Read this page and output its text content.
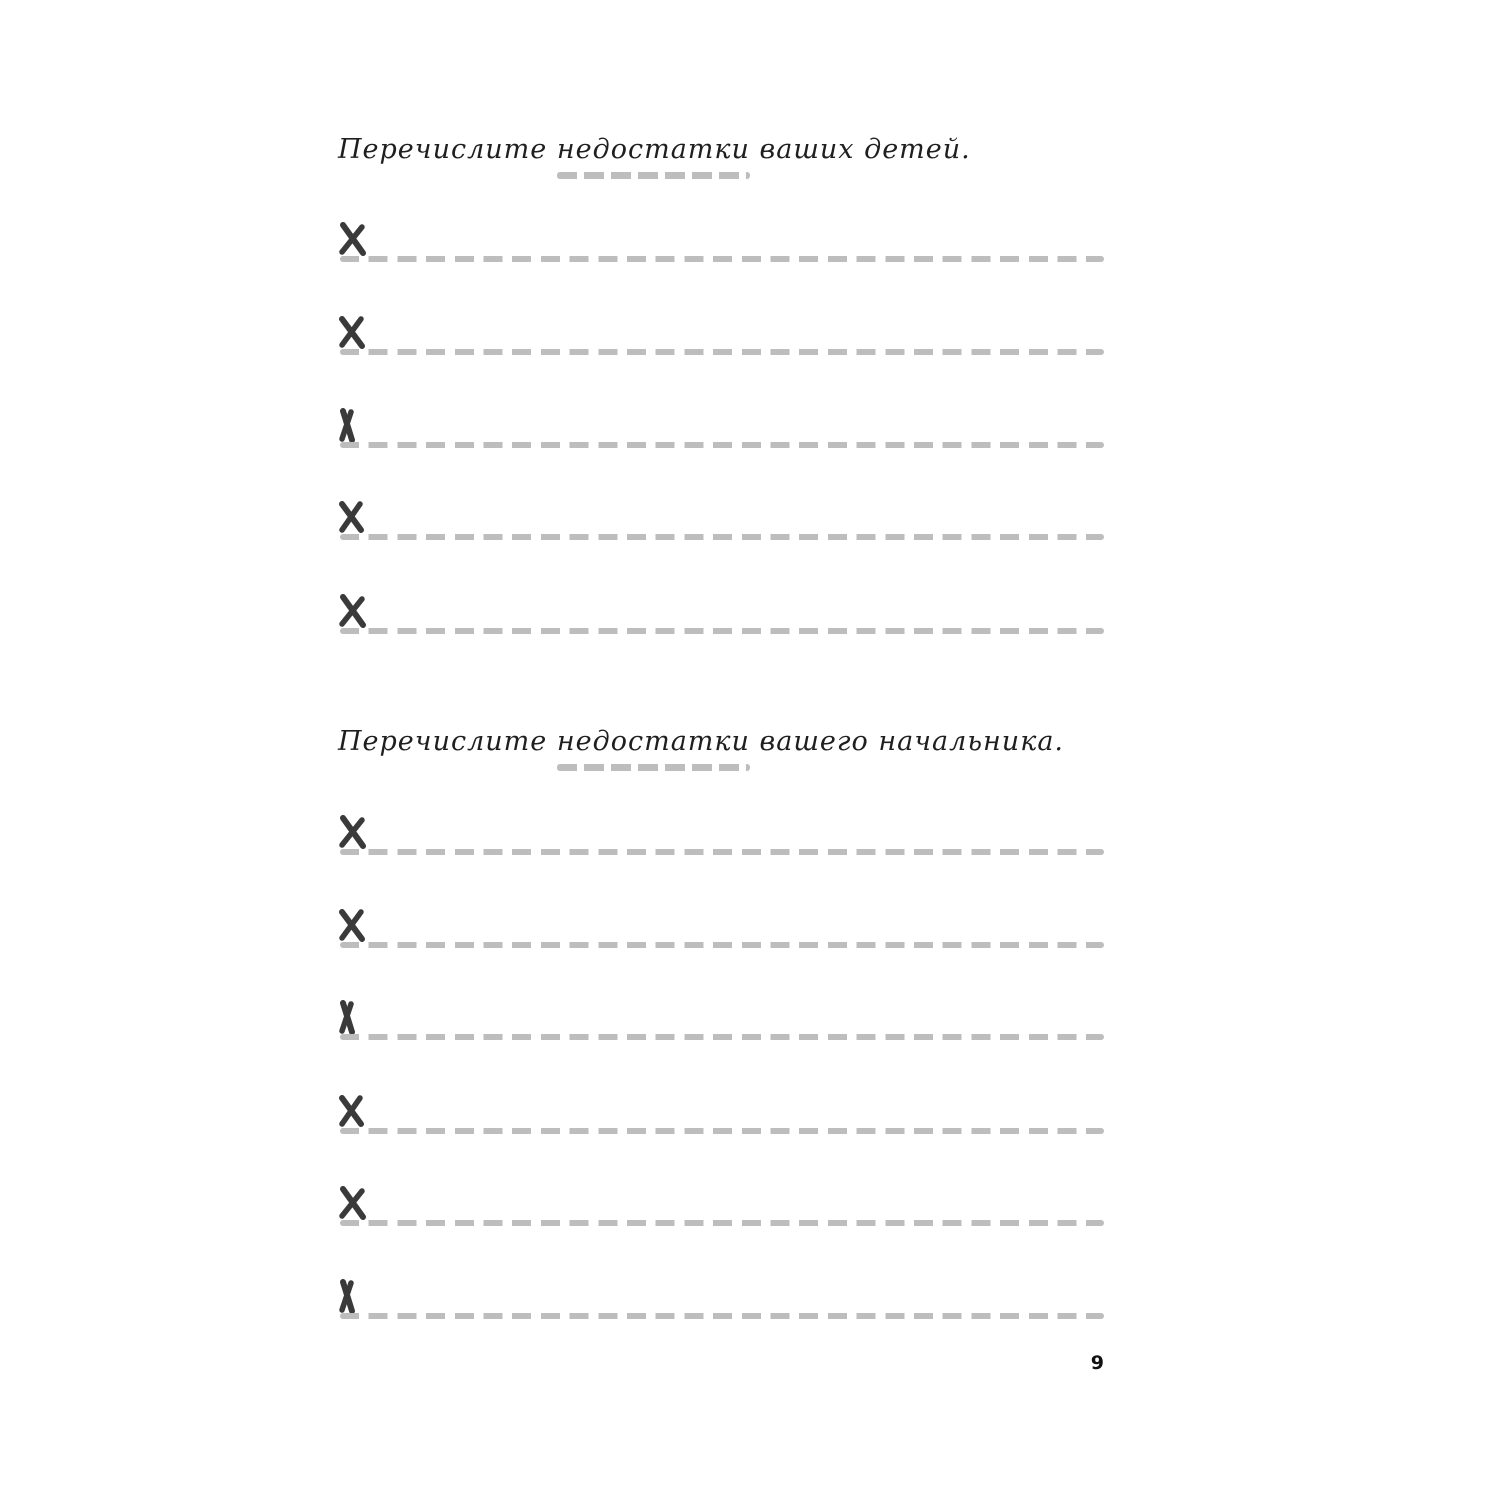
Перечислите недостатки ваших детей.
Перечислите недостатки вашего начальника.
9
